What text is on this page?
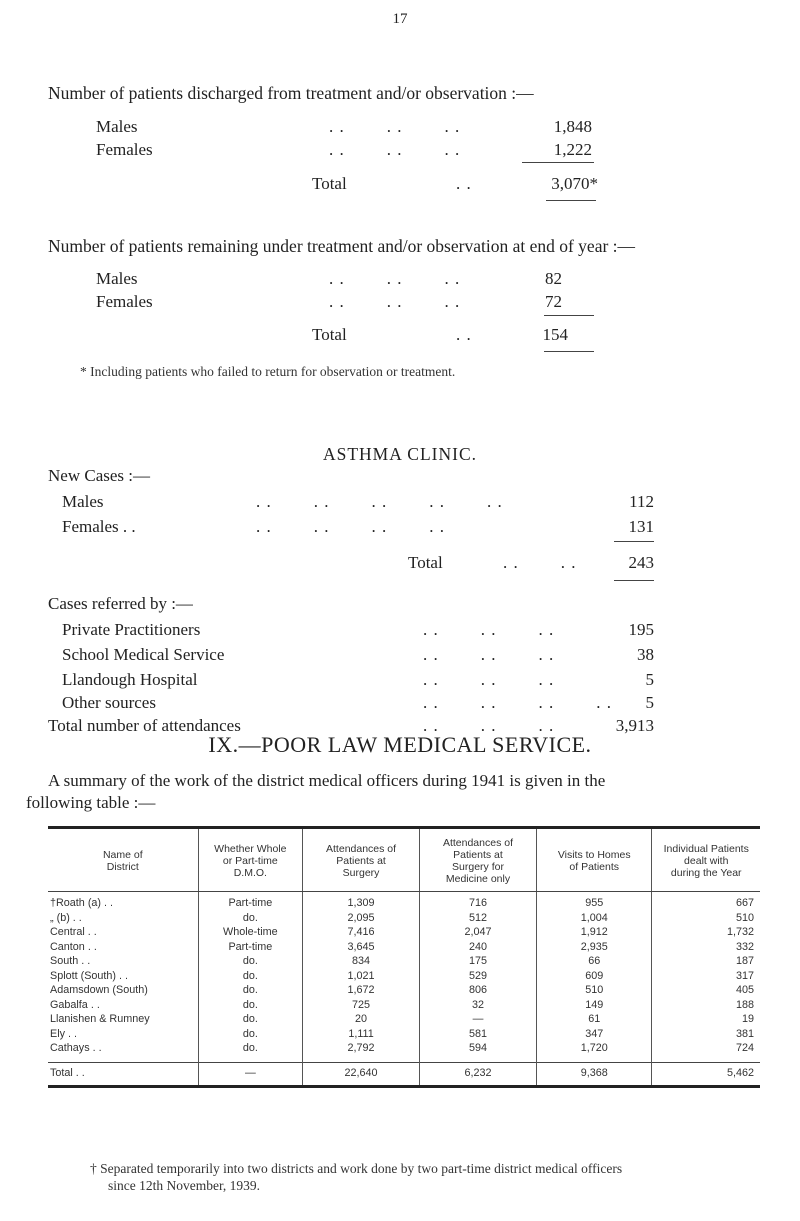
17
Number of patients discharged from treatment and/or observation :—
Males	. .        . .        . .	1,848
Females	. .        . .        . .	1,222
Total	. .	3,070*
Number of patients remaining under treatment and/or observation at end of year :—
Males	. .        . .        . .	82
Females	. .        . .        . .	72
Total	. .	154
* Including patients who failed to return for observation or treatment.
ASTHMA CLINIC.
New Cases :—
Males	. .        . .        . .        . .        . .	112
Females . .	. .        . .        . .        . .	131
Total	. .        . .	243
Cases referred by :—
Private Practitioners	. .        . .        . .	195
School Medical Service	. .        . .        . .	38
Llandough Hospital	. .        . .        . .	5
Other sources	. .        . .        . .        . .	5
Total number of attendances	. .        . .        . .	3,913
IX.—POOR LAW MEDICAL SERVICE.
A summary of the work of the district medical officers during 1941 is given in the
following table :—
Name of
District	Whether Whole
or Part-time
D.M.O.	Attendances of
Patients at
Surgery	Attendances of
Patients at
Surgery for
Medicine only	Visits to Homes
of Patients	Individual Patients
dealt with
during the Year
†Roath (a) . .	Part-time	1,309	716	955	667
„ (b) . .	do.	2,095	512	1,004	510
Central . .	Whole-time	7,416	2,047	1,912	1,732
Canton . .	Part-time	3,645	240	2,935	332
South . .	do.	834	175	66	187
Splott (South) . .	do.	1,021	529	609	317
Adamsdown (South)	do.	1,672	806	510	405
Gabalfa . .	do.	725	32	149	188
Llanishen & Rumney	do.	20	—	61	19
Ely . .	do.	1,111	581	347	381
Cathays . .	do.	2,792	594	1,720	724
Total . .	—	22,640	6,232	9,368	5,462
† Separated temporarily into two districts and work done by two part-time district medical officers
since 12th November, 1939.
